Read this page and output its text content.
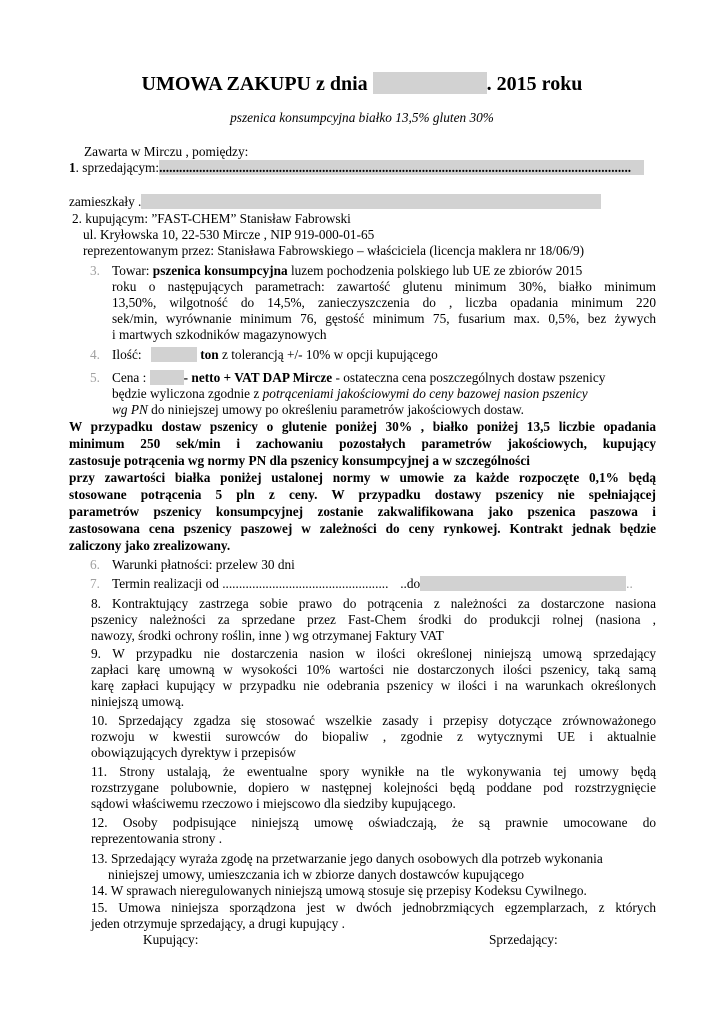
UMOWA ZAKUPU z dnia	. 2015 roku
pszenica konsumpcyjna białko 13,5% gluten 30%
Zawarta w Mirczu , pomiędzy:
1. sprzedającym:..............................................................................................................................................
zamieszkały .
2. kupującym: ”FAST-CHEM” Stanisław Fabrowski
ul. Kryłowska 10, 22-530 Mircze , NIP 919-000-01-65
reprezentowanym przez: Stanisława Fabrowskiego – właściciela (licencja maklera nr 18/06/9)
3. Towar: pszenica konsumpcyjna luzem pochodzenia polskiego lub UE ze zbiorów 2015
roku o następujących parametrach: zawartość glutenu minimum 30%, białko minimum
13,50%, wilgotność do 14,5%, zanieczyszczenia do , liczba opadania minimum 220
sek/min, wyrównanie minimum 76, gęstość minimum 75, fusarium max. 0,5%, bez żywych
i martwych szkodników magazynowych
4. Ilość:	ton z tolerancją +/- 10% w opcji kupującego
5. Cena :	- netto + VAT DAP Mircze - ostateczna cena poszczególnych dostaw pszenicy
będzie wyliczona zgodnie z potrąceniami jakościowymi do ceny bazowej nasion pszenicy
wg PN do niniejszej umowy po określeniu parametrów jakościowych dostaw.
W przypadku dostaw pszenicy o glutenie poniżej 30% , białko poniżej 13,5 liczbie opadania
minimum 250 sek/min i zachowaniu pozostałych parametrów jakościowych, kupujący
zastosuje potrącenia wg normy PN dla pszenicy konsumpcyjnej a w szczególności
przy zawartości białka poniżej ustalonej normy w umowie za każde rozpoczęte 0,1% będą
stosowane potrącenia 5 pln z ceny. W przypadku dostawy pszenicy nie spełniającej
parametrów pszenicy konsumpcyjnej zostanie zakwalifikowana jako pszenica paszowa i
zastosowana cena pszenicy paszowej w zależności do ceny rynkowej. Kontrakt jednak będzie
zaliczony jako zrealizowany.
6. Warunki płatności: przelew 30 dni
7. Termin realizacji od .................................................. ..do	..
8. Kontraktujący zastrzega sobie prawo do potrącenia z należności za dostarczone nasiona
pszenicy należności za sprzedane przez Fast-Chem środki do produkcji rolnej (nasiona ,
nawozy, środki ochrony roślin, inne ) wg otrzymanej Faktury VAT
9. W przypadku nie dostarczenia nasion w ilości określonej niniejszą umową sprzedający
zapłaci karę umowną w wysokości 10% wartości nie dostarczonych ilości pszenicy, taką samą
karę zapłaci kupujący w przypadku nie odebrania pszenicy w ilości i na warunkach określonych
niniejszą umową.
10. Sprzedający zgadza się stosować wszelkie zasady i przepisy dotyczące zrównoważonego
rozwoju w kwestii surowców do biopaliw , zgodnie z wytycznymi UE i aktualnie
obowiązujących dyrektyw i przepisów
11. Strony ustalają, że ewentualne spory wynikłe na tle wykonywania tej umowy będą
rozstrzygane polubownie, dopiero w następnej kolejności będą poddane pod rozstrzygnięcie
sądowi właściwemu rzeczowo i miejscowo dla siedziby kupującego.
12. Osoby podpisujące niniejszą umowę oświadczają, że są prawnie umocowane do
reprezentowania strony .
13. Sprzedający wyraża zgodę na przetwarzanie jego danych osobowych dla potrzeb wykonania
niniejszej umowy, umieszczania ich w zbiorze danych dostawców kupującego
14. W sprawach nieregulowanych niniejszą umową stosuje się przepisy Kodeksu Cywilnego.
15. Umowa niniejsza sporządzona jest w dwóch jednobrzmiących egzemplarzach, z których
jeden otrzymuje sprzedający, a drugi kupujący .
Kupujący:	Sprzedający:
